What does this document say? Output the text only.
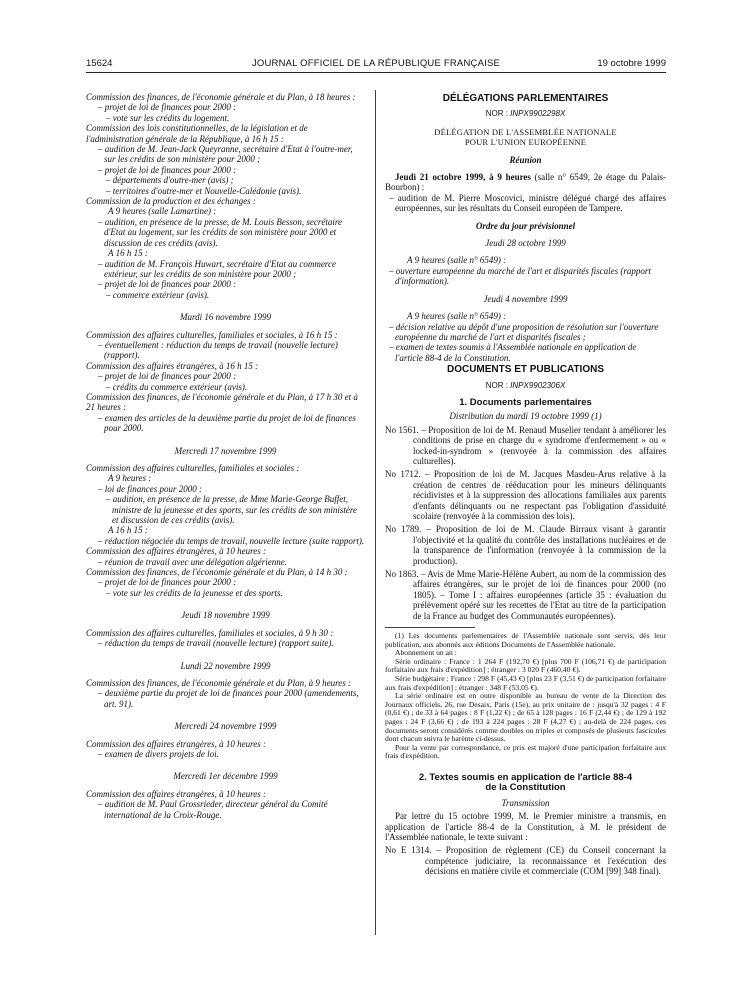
15624	JOURNAL OFFICIEL DE LA RÉPUBLIQUE FRANÇAISE	19 octobre 1999

Commission des finances, de l'économie générale et du Plan, à 18 heures :

– projet de loi de finances pour 2000 :

– vote sur les crédits du logement.

Commission des lois constitutionnelles, de la législation et de l'administration générale de la République, à 16 h 15 :

– audition de M. Jean-Jack Queyranne, secrétaire d'Etat à l'outre-mer, sur les crédits de son ministère pour 2000 ;

– projet de loi de finances pour 2000 :

– départements d'outre-mer (avis) ;

– territoires d'outre-mer et Nouvelle-Calédonie (avis).

Commission de la production et des échanges :

A 9 heures (salle Lamartine) :

– audition, en présence de la presse, de M. Louis Besson, secrétaire d'Etat au logement, sur les crédits de son ministère pour 2000 et discussion de ces crédits (avis).

A 16 h 15 :

– audition de M. François Huwart, secrétaire d'Etat au commerce extérieur, sur les crédits de son ministère pour 2000 ;

– projet de loi de finances pour 2000 :

– commerce extérieur (avis).

Mardi 16 novembre 1999

Commission des affaires culturelles, familiales et sociales, à 16 h 15 :

– éventuellement : réduction du temps de travail (nouvelle lecture) (rapport).

Commission des affaires étrangères, à 16 h 15 :

– projet de loi de finances pour 2000 :

– crédits du commerce extérieur (avis).

Commission des finances, de l'économie générale et du Plan, à 17 h 30 et à 21 heures :

– examen des articles de la deuxième partie du projet de loi de finances pour 2000.

Mercredi 17 novembre 1999

Commission des affaires culturelles, familiales et sociales :

A 9 heures :

– loi de finances pour 2000 :

– audition, en présence de la presse, de Mme Marie-George Buffet, ministre de la jeunesse et des sports, sur les crédits de son ministère et discussion de ces crédits (avis).

A 16 h 15 :

– réduction négociée du temps de travail, nouvelle lecture (suite rapport).

Commission des affaires étrangères, à 10 heures :

– réunion de travail avec une délégation algérienne.

Commission des finances, de l'économie générale et du Plan, à 14 h 30 :

– projet de loi de finances pour 2000 :

– vote sur les crédits de la jeunesse et des sports.

Jeudi 18 novembre 1999

Commission des affaires culturelles, familiales et sociales, à 9 h 30 :

– réduction du temps de travail (nouvelle lecture) (rapport suite).

Lundi 22 novembre 1999

Commission des finances, de l'économie générale et du Plan, à 9 heures :

– deuxième partie du projet de loi de finances pour 2000 (amendements, art. 91).

Mercredi 24 novembre 1999

Commission des affaires étrangères, à 10 heures :

– examen de divers projets de loi.

Mercredi 1er décembre 1999

Commission des affaires étrangères, à 10 heures :

– audition de M. Paul Grossrieder, directeur général du Comité international de la Croix-Rouge.

DÉLÉGATIONS PARLEMENTAIRES
NOR : INPX9902298X
DÉLÉGATION DE L'ASSEMBLÉE NATIONALE
POUR L'UNION EUROPÉENNE
Réunion

Jeudi 21 octobre 1999, à 9 heures (salle n° 6549, 2e étage du Palais-Bourbon) :

– audition de M. Pierre Moscovici, ministre délégué chargé des affaires européennes, sur les résultats du Conseil européen de Tampere.

Ordre du jour prévisionnel
Jeudi 28 octobre 1999

A 9 heures (salle n° 6549) :

– ouverture européenne du marché de l'art et disparités fiscales (rapport d'information).

Jeudi 4 novembre 1999

A 9 heures (salle n° 6549) :

– décision relative au dépôt d'une proposition de résolution sur l'ouverture européenne du marché de l'art et disparités fiscales ;

– examen de textes soumis à l'Assemblée nationale en application de l'article 88-4 de la Constitution.

DOCUMENTS ET PUBLICATIONS
NOR : INPX9902306X
1. Documents parlementaires
Distribution du mardi 19 octobre 1999 (1)

No 1561. – Proposition de loi de M. Renaud Muselier tendant à améliorer les conditions de prise en charge du « syndrome d'enfermement » ou « locked-in-syndrom » (renvoyée à la commission des affaires culturelles).

No 1712. – Proposition de loi de M. Jacques Masdeu-Arus relative à la création de centres de rééducation pour les mineurs délinquants récidivistes et à la suppression des allocations familiales aux parents d'enfants délinquants ou ne respectant pas l'obligation d'assiduité scolaire (renvoyée à la commission des lois).

No 1789. – Proposition de loi de M. Claude Birraux visant à garantir l'objectivité et la qualité du contrôle des installations nucléaires et de la transparence de l'information (renvoyée à la commission de la production).

No 1863. – Avis de Mme Marie-Hélène Aubert, au nom de la commission des affaires étrangères, sur le projet de loi de finances pour 2000 (no 1805). – Tome I : affaires européennes (article 35 : évaluation du prélèvement opéré sur les recettes de l'Etat au titre de la participation de la France au budget des Communautés européennes).

(1) Les documents parlementaires de l'Assemblée nationale sont servis, dès leur publication, aux abonnés aux éditions Documents de l'Assemblée nationale.

Abonnement un an :

Série ordinaire : France : 1 264 F (192,70 €) [plus 700 F (106,71 €) de participation forfaitaire aux frais d'expédition] ; étranger : 3 020 F (460,40 €).

Série budgétaire : France : 298 F (45,43 €) [plus 23 F (3,51 €) de participation forfaitaire aux frais d'expédition] ; étranger : 348 F (53,05 €).

La série ordinaire est en outre disponible au bureau de vente de la Direction des Journaux officiels, 26, rue Desaix, Paris (15e), au prix unitaire de : jusqu'à 32 pages : 4 F (0,61 €) ; de 33 à 64 pages : 8 F (1,22 €) ; de 65 à 128 pages : 16 F (2,44 €) ; de 129 à 192 pages : 24 F (3,66 €) ; de 193 à 224 pages : 28 F (4,27 €) ; au-delà de 224 pages, ces documents seront considérés comme doubles ou triples et composés de plusieurs fascicules dont chacun suivra le barème ci-dessus.

Pour la vente par correspondance, ce prix est majoré d'une participation forfaitaire aux frais d'expédition.

2. Textes soumis en application de l'article 88-4
de la Constitution
Transmission

Par lettre du 15 octobre 1999, M. le Premier ministre a transmis, en application de l'article 88-4 de la Constitution, à M. le président de l'Assemblée nationale, le texte suivant :

No E 1314. – Proposition de règlement (CE) du Conseil concernant la compétence judiciaire, la reconnaissance et l'exécution des décisions en matière civile et commerciale (COM [99] 348 final).
